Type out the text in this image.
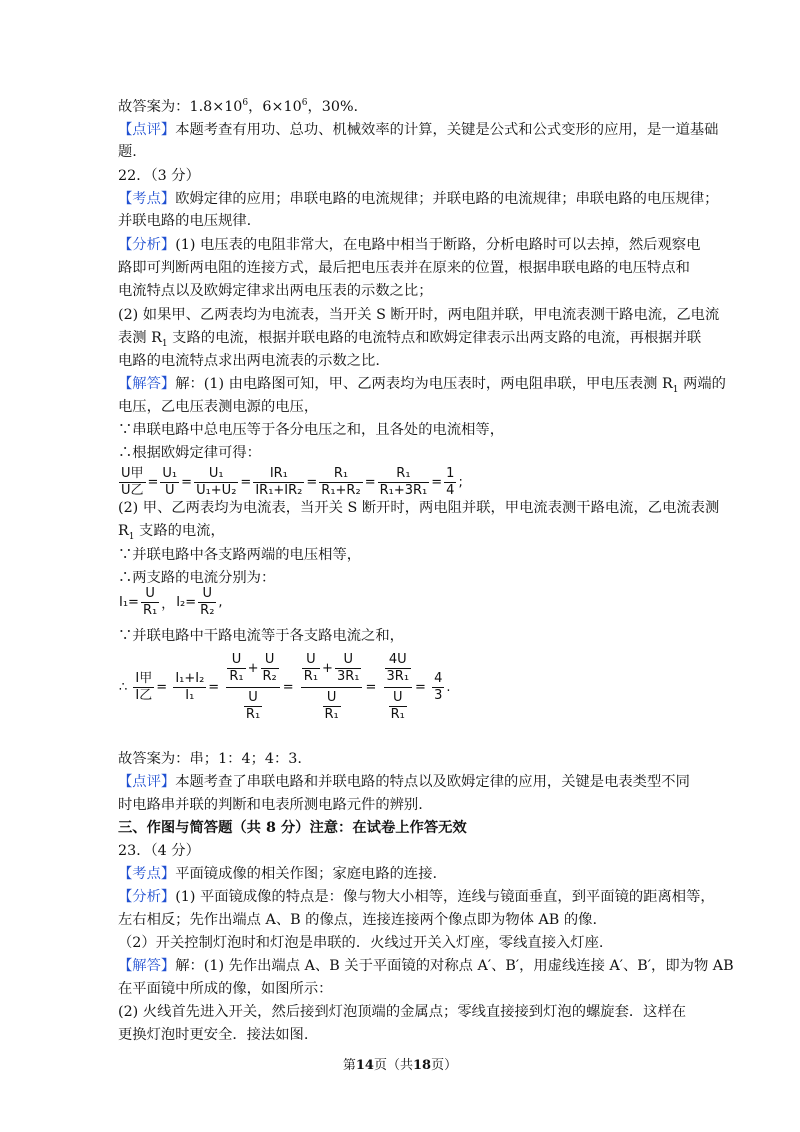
故答案为：$1.8\times 10^6$，$6\times 10^6$，30%.
【点评】本题考查有用功、总功、机械效率的计算，关键是公式和公式变形的应用，是一道基础
题.
22．（3 分）
【考点】欧姆定律的应用；串联电路的电流规律；并联电路的电流规律；串联电路的电压规律；
并联电路的电压规律.
【分析】(1) 电压表的电阻非常大，在电路中相当于断路，分析电路时可以去掉，然后观察电
路即可判断两电阻的连接方式，最后把电压表并在原来的位置，根据串联电路的电压特点和
电流特点以及欧姆定律求出两电压表的示数之比；
(2) 如果甲、乙两表均为电流表，当开关 S 断开时，两电阻并联，甲电流表测干路电流，乙电流
表测 $R_1$ 支路的电流，根据并联电路的电流特点和欧姆定律表示出两支路的电流，再根据并联
电路的电流特点求出两电流表的示数之比.
【解答】解：(1) 由电路图可知，甲、乙两表均为电压表时，两电阻串联，甲电压表测 $R_1$ 两端的
电压，乙电压表测电源的电压，
∵串联电路中总电压等于各分电压之和，且各处的电流相等，
∴根据欧姆定律可得：
$\frac{\text{U甲}}{\text{U乙}} = \frac{\text{U₁}}{U} = \frac{\text{U₁}}{\text{U₁+U₂}} = \frac{\text{IR₁}}{\text{IR₁+IR₂}} = \frac{\text{R₁}}{\text{R₁+R₂}} = \frac{\text{R₁}}{\text{R₁+3R₁}} = \frac{1}{4}$ ;
(2) 甲、乙两表均为电流表，当开关 S 断开时，两电阻并联，甲电流表测干路电流，乙电流表测
$R_1$ 支路的电流，
∵并联电路中各支路两端的电压相等，
∴两支路的电流分别为：
$I_1= \frac{U}{\text{R₁}}$ ， $I_2= \frac{U}{\text{R₂}}$ ,
∵并联电路中干路电流等于各支路电流之和，
∴ $\frac{\text{I甲}}{\text{I乙}} = \frac{\text{I₁+I₂}}{\text{I₁}} = \frac{\frac{U}{\text{R₁}} + \frac{U}{\text{R₂}}}{\frac{U}{\text{R₁}}} = \frac{\frac{U}{\text{R₁}} + \frac{U}{\text{3R₁}}}{\frac{U}{\text{R₁}}} = \frac{\frac{4U}{\text{3R₁}}}{\frac{U}{\text{R₁}}} = \frac{4}{3}$ .
故答案为：串；1：4；4：3.
【点评】本题考查了串联电路和并联电路的特点以及欧姆定律的应用，关键是电表类型不同
时电路串并联的判断和电表所测电路元件的辨别.
三、作图与简答题（共 8 分）注意：在试卷上作答无效
23．（4 分）
【考点】平面镜成像的相关作图；家庭电路的连接.
【分析】(1) 平面镜成像的特点是：像与物大小相等，连线与镜面垂直，到平面镜的距离相等，
左右相反；先作出端点 A、B 的像点，连接连接两个像点即为物体 AB 的像.
（2）开关控制灯泡时和灯泡是串联的．火线过开关入灯座，零线直接入灯座.
【解答】解：(1) 先作出端点 A、B 关于平面镜的对称点 A′、B′，用虚线连接 A′、B′，即为物 AB
在平面镜中所成的像，如图所示：
(2) 火线首先进入开关，然后接到灯泡顶端的金属点；零线直接接到灯泡的螺旋套．这样在
更换灯泡时更安全．接法如图.
第14页（共18页）
